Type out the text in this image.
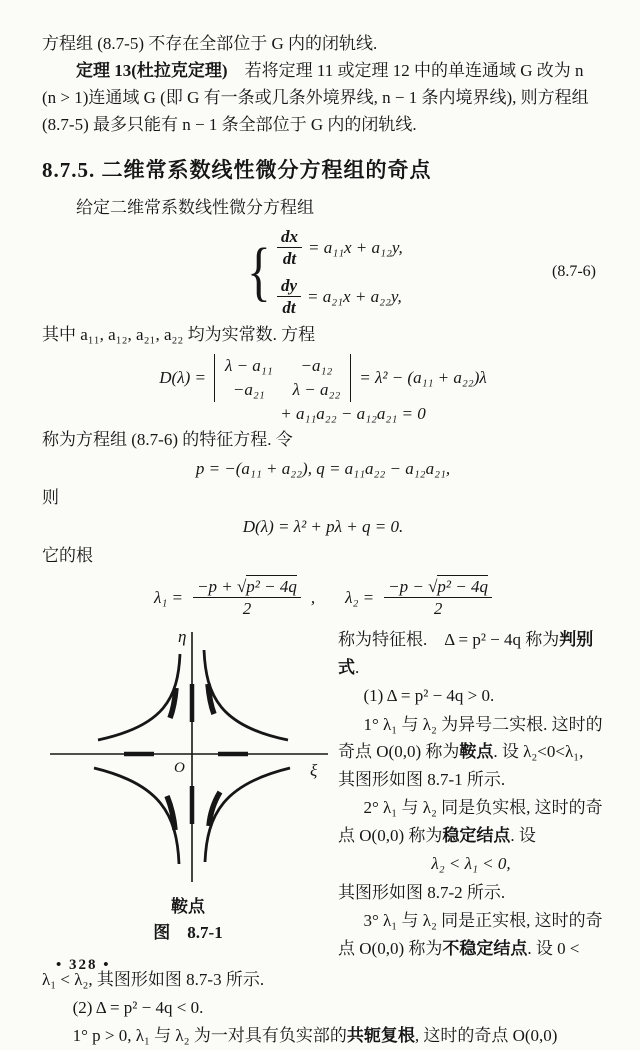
方程组 (8.7-5) 不存在全部位于 G 内的闭轨线.
定理 13(杜拉克定理)　若将定理 11 或定理 12 中的单连通域 G 改为 n
(n > 1)连通域 G (即 G 有一条或几条外境界线, n − 1 条内境界线), 则方程组
(8.7-5) 最多只能有 n − 1 条全部位于 G 内的闭轨线.
8.7.5. 二维常系数线性微分方程组的奇点
给定二维常系数线性微分方程组
{ $\frac{dx}{dt} = a_{11}x + a_{12}y$,
$\frac{dy}{dt} = a_{21}x + a_{22}y$,
(8.7-6)
其中 a₁₁, a₁₂, a₂₁, a₂₂ 均为实常数. 方程
D(λ) =
λ − a₁₁	−a₁₂
−a₂₁	λ − a₂₂
= λ² − (a₁₁ + a₂₂)λ
+ a₁₁a₂₂ − a₁₂a₂₁ = 0
称为方程组 (8.7-6) 的特征方程. 令
p = −(a₁₁ + a₂₂), q = a₁₁a₂₂ − a₁₂a₂₁,
则
D(λ) = λ² + pλ + q = 0.
它的根
$\lambda_1 = \frac{\text{−p + √p² − 4q}}{2}$ , $\lambda_2 = \frac{\text{−p − √p² − 4q}}{2}$
η
ξ
O
鞍点
图　8.7-1

称为特征根.　Δ = p² − 4q 称为判别式.

(1) Δ = p² − 4q > 0.

1° λ₁ 与 λ₂ 为异号二实根. 这时的奇点 O(0,0) 称为鞍点. 设 λ₂<0<λ₁, 其图形如图 8.7-1 所示.

2° λ₁ 与 λ₂ 同是负实根, 这时的奇点 O(0,0) 称为稳定结点. 设

λ₂ < λ₁ < 0,

其图形如图 8.7-2 所示.

3° λ₁ 与 λ₂ 同是正实根, 这时的奇点 O(0,0) 称为不稳定结点. 设 0 <

λ₁ < λ₂, 其图形如图 8.7-3 所示.
(2) Δ = p² − 4q < 0.
1° p > 0, λ₁ 与 λ₂ 为一对具有负实部的共轭复根, 这时的奇点 O(0,0)
• 328 •
